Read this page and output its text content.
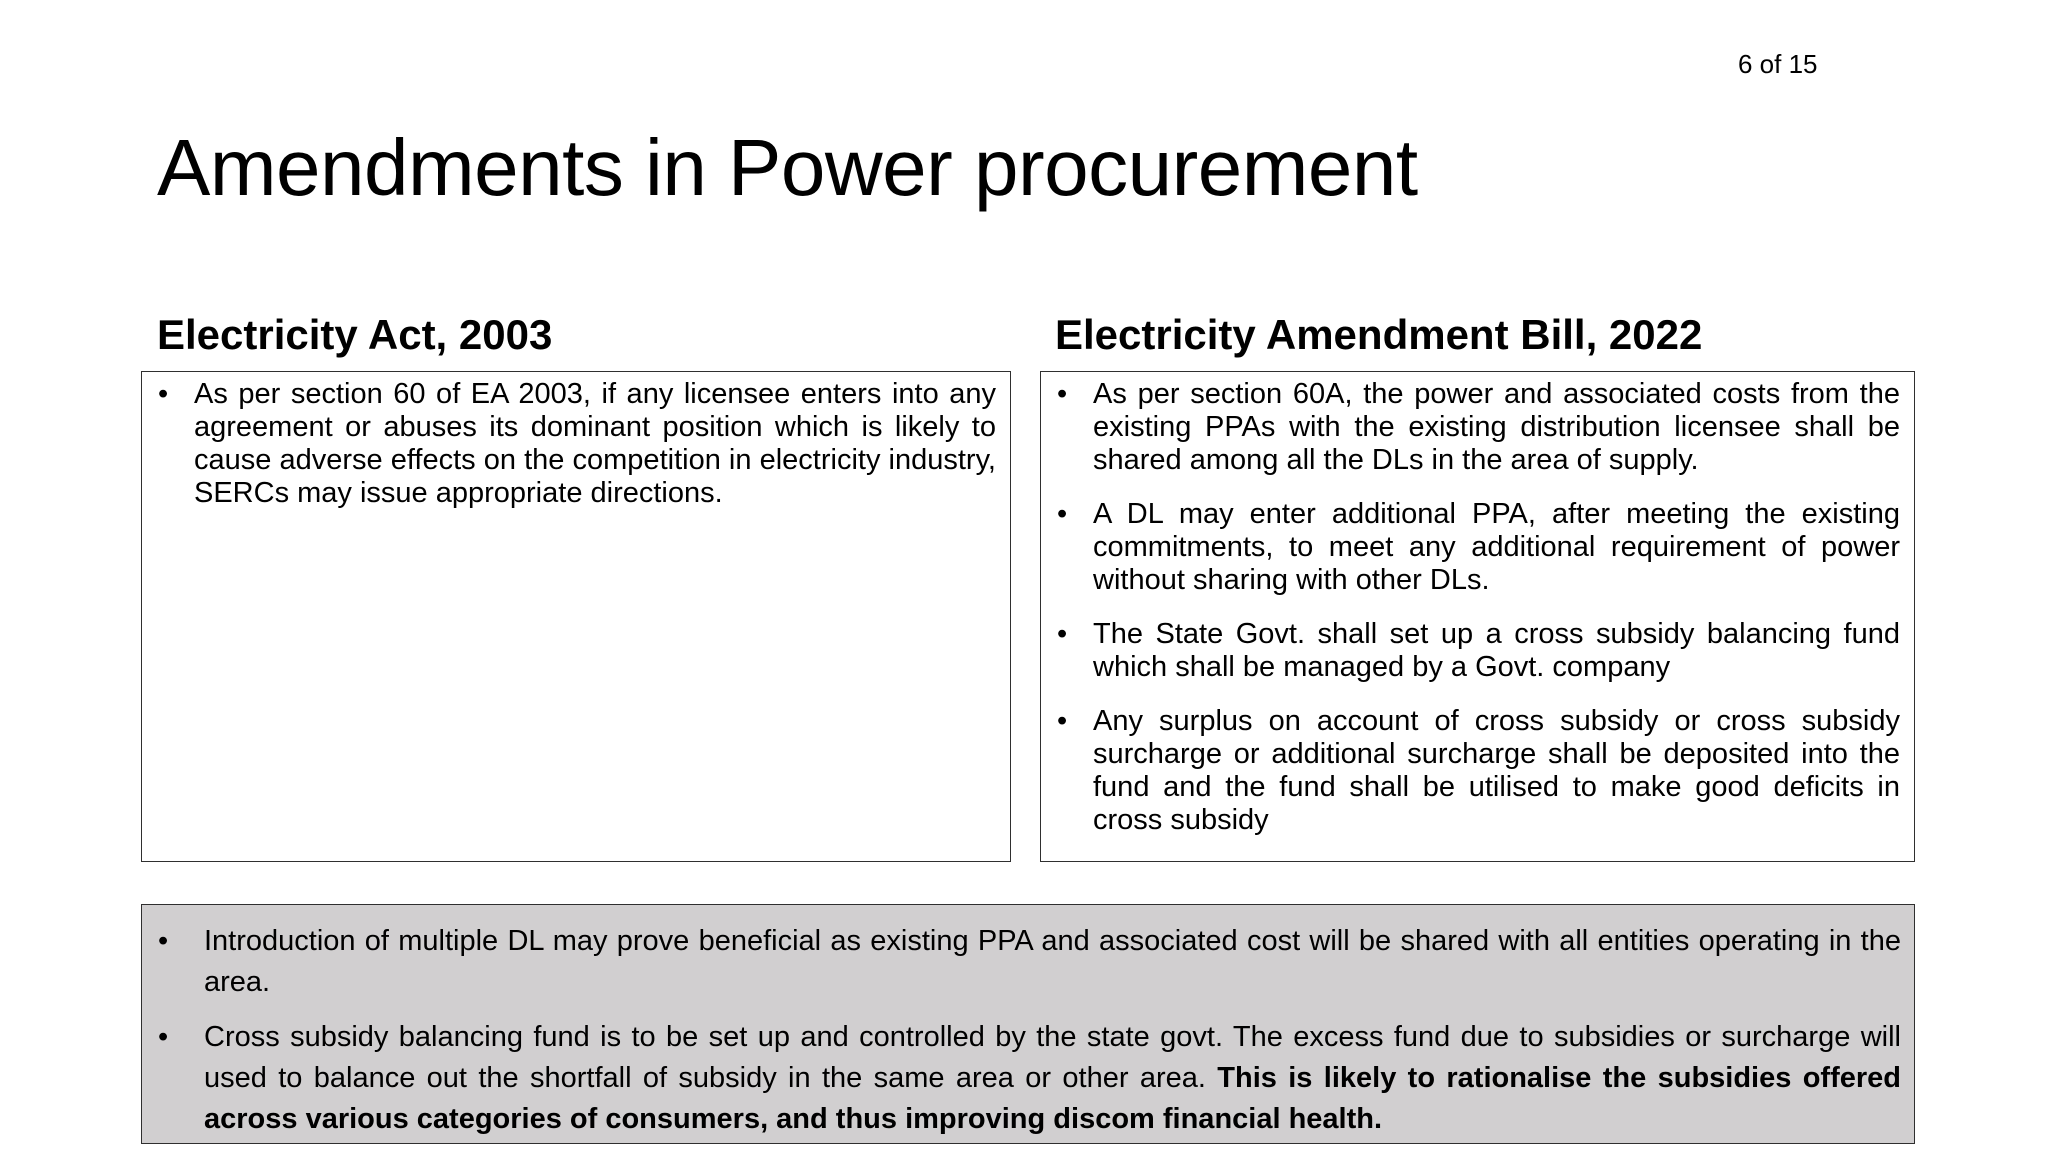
6 of 15
Amendments in Power procurement
Electricity Act, 2003	Electricity Amendment Bill, 2022
• As per section 60 of EA 2003, if any licensee enters into any agreement or abuses its dominant position which is likely to cause adverse effects on the competition in electricity industry, SERCs may issue appropriate directions.
• As per section 60A, the power and associated costs from the existing PPAs with the existing distribution licensee shall be shared among all the DLs in the area of supply.
• A DL may enter additional PPA, after meeting the existing commitments, to meet any additional requirement of power without sharing with other DLs.
• The State Govt. shall set up a cross subsidy balancing fund which shall be managed by a Govt. company
• Any surplus on account of cross subsidy or cross subsidy surcharge or additional surcharge shall be deposited into the fund and the fund shall be utilised to make good deficits in cross subsidy
• Introduction of multiple DL may prove beneficial as existing PPA and associated cost will be shared with all entities operating in the area.
• Cross subsidy balancing fund is to be set up and controlled by the state govt. The excess fund due to subsidies or surcharge will used to balance out the shortfall of subsidy in the same area or other area. This is likely to rationalise the subsidies offered across various categories of consumers, and thus improving discom financial health.
